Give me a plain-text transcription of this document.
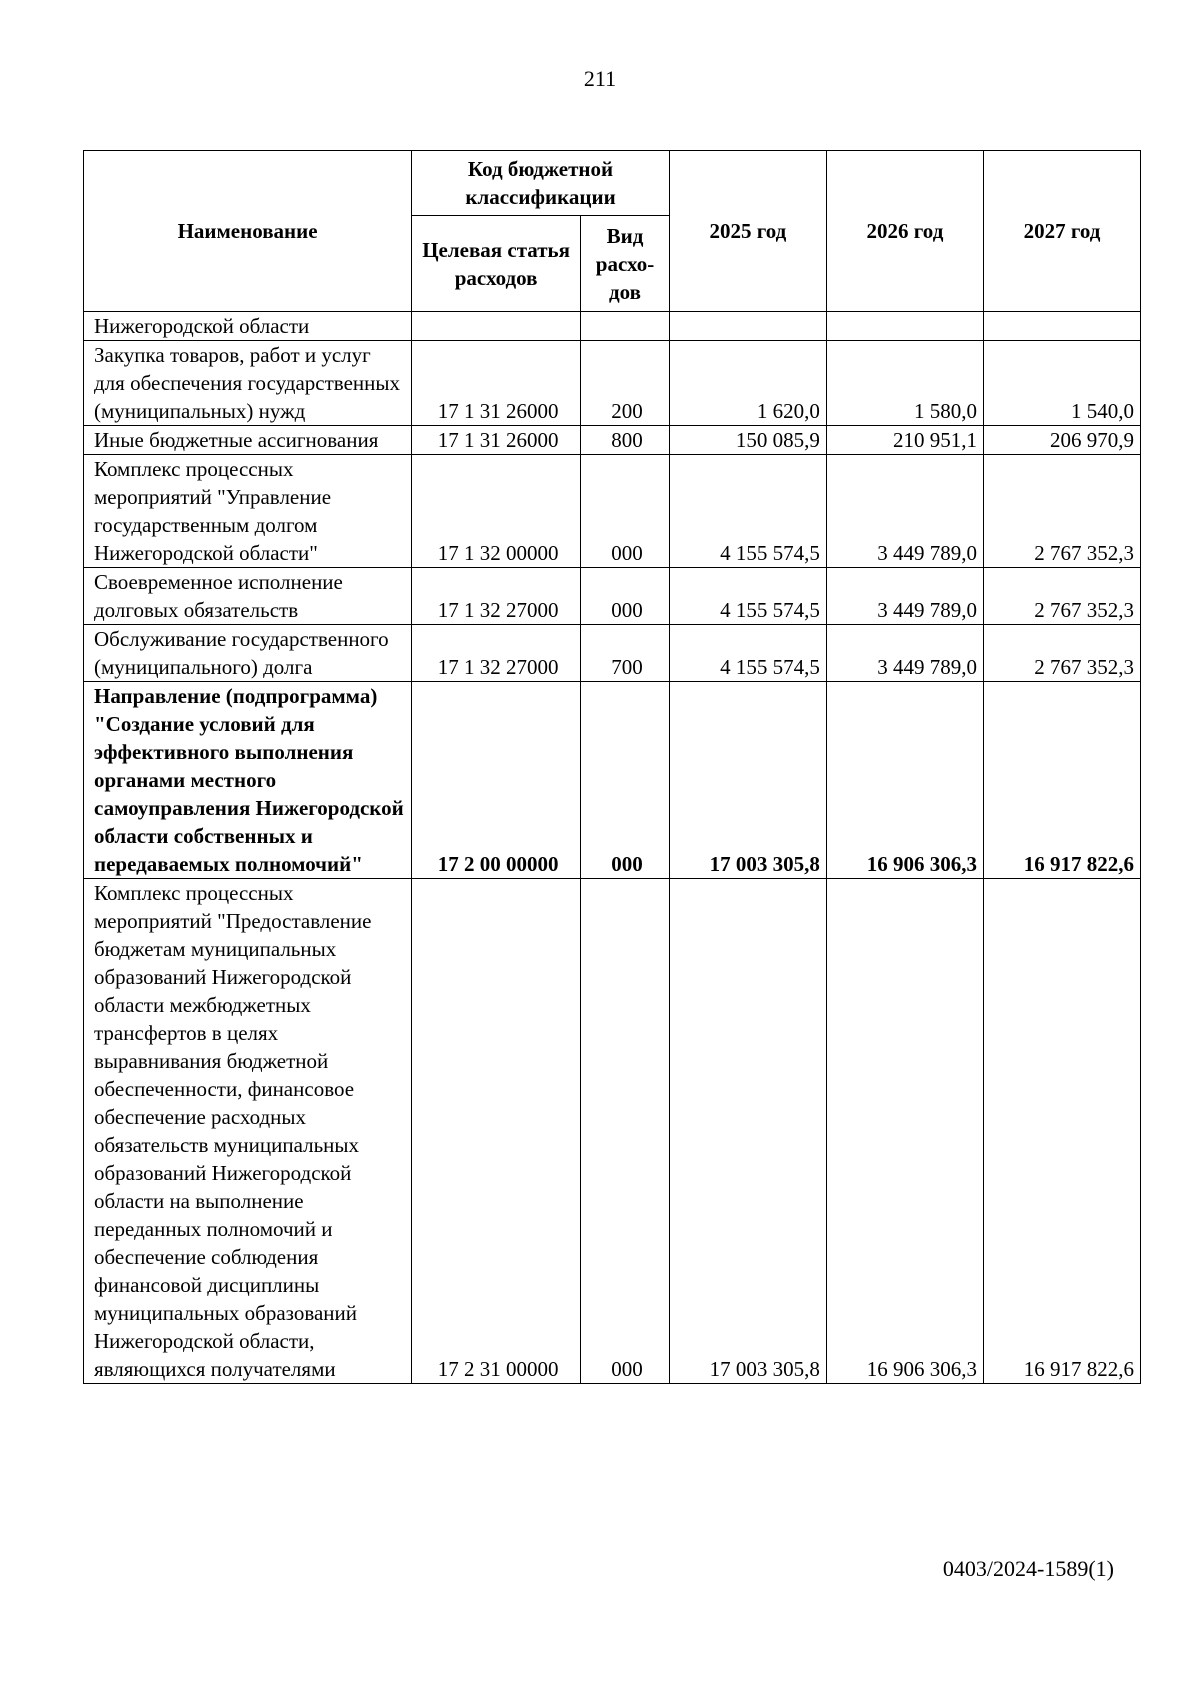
211
Наименование	Код бюджетной классификации		2025 год	2026 год	2027 год
	Целевая статья расходов	Вид расхо-дов			
Нижегородской области					
Закупка товаров, работ и услуг для обеспечения государственных (муниципальных) нужд	17 1 31 26000	200	1 620,0	1 580,0	1 540,0
Иные бюджетные ассигнования	17 1 31 26000	800	150 085,9	210 951,1	206 970,9
Комплекс процессных мероприятий "Управление государственным долгом Нижегородской области"	17 1 32 00000	000	4 155 574,5	3 449 789,0	2 767 352,3
Своевременное исполнение долговых обязательств	17 1 32 27000	000	4 155 574,5	3 449 789,0	2 767 352,3
Обслуживание государственного (муниципального) долга	17 1 32 27000	700	4 155 574,5	3 449 789,0	2 767 352,3
Направление (подпрограмма) "Создание условий для эффективного выполнения органами местного самоуправления Нижегородской области собственных и передаваемых полномочий"	17 2 00 00000	000	17 003 305,8	16 906 306,3	16 917 822,6
Комплекс процессных мероприятий "Предоставление бюджетам муниципальных образований Нижегородской области межбюджетных трансфертов в целях выравнивания бюджетной обеспеченности, финансовое обеспечение расходных обязательств муниципальных образований Нижегородской области на выполнение переданных полномочий и обеспечение соблюдения финансовой дисциплины муниципальных образований Нижегородской области, являющихся получателями	17 2 31 00000	000	17 003 305,8	16 906 306,3	16 917 822,6
0403/2024-1589(1)
